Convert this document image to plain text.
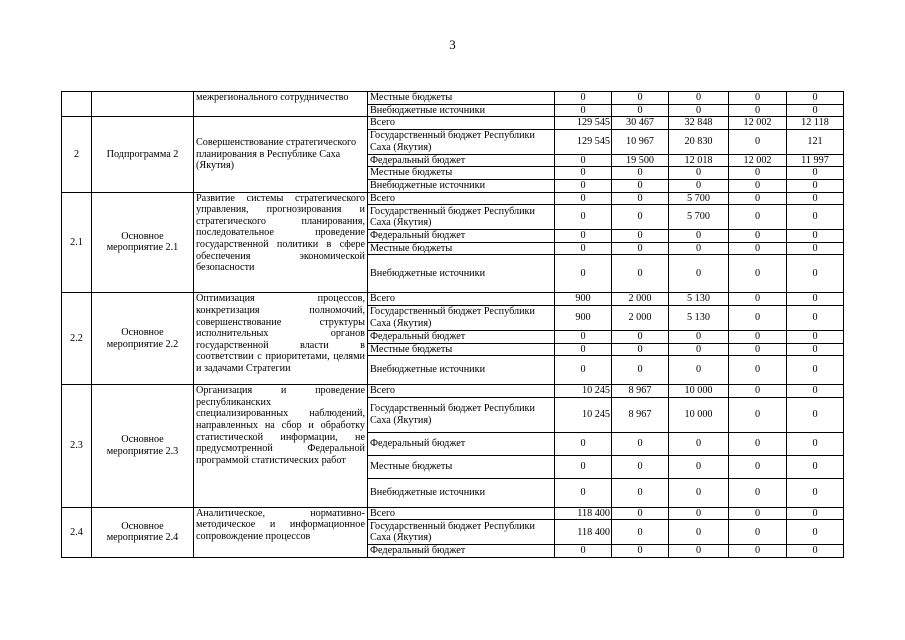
3
		межрегионального сотрудничество	Местные бюджеты	0	0	0	0	0
			Внебюджетные источники	0	0	0	0	0
2	Подпрограмма 2	Совершенствование стратегического планирования в Республике Саха (Якутия)	Всего	129 545	30 467	32 848	12 002	12 118
			Государственный бюджет Республики Саха (Якутия)	129 545	10 967	20 830	0	121
			Федеральный бюджет	0	19 500	12 018	12 002	11 997
			Местные бюджеты	0	0	0	0	0
			Внебюджетные источники	0	0	0	0	0
2.1	Основное мероприятие 2.1	Развитие системы стратегического управления, прогнозирования и стратегического планирования, последовательное проведение государственной политики в сфере обеспечения экономической безопасности	Всего	0	0	5 700	0	0
			Государственный бюджет Республики Саха (Якутия)	0	0	5 700	0	0
			Федеральный бюджет	0	0	0	0	0
			Местные бюджеты	0	0	0	0	0
			Внебюджетные источники	0	0	0	0	0
2.2	Основное мероприятие 2.2	Оптимизация процессов, конкретизация полномочий, совершенствование структуры исполнительных органов государственной власти в соответствии с приоритетами, целями и задачами Стратегии	Всего	900	2 000	5 130	0	0
			Государственный бюджет Республики Саха (Якутия)	900	2 000	5 130	0	0
			Федеральный бюджет	0	0	0	0	0
			Местные бюджеты	0	0	0	0	0
			Внебюджетные источники	0	0	0	0	0
2.3	Основное мероприятие 2.3	Организация и проведение республиканских специализированных наблюдений, направленных на сбор и обработку статистической информации, не предусмотренной Федеральной программой статистических работ	Всего	10 245	8 967	10 000	0	0
			Государственный бюджет Республики Саха (Якутия)	10 245	8 967	10 000	0	0
			Федеральный бюджет	0	0	0	0	0
			Местные бюджеты	0	0	0	0	0
			Внебюджетные источники	0	0	0	0	0
2.4	Основное мероприятие 2.4	Аналитическое, нормативно-методическое и информационное сопровождение процессов	Всего	118 400	0	0	0	0
			Государственный бюджет Республики Саха (Якутия)	118 400	0	0	0	0
			Федеральный бюджет	0	0	0	0	0
